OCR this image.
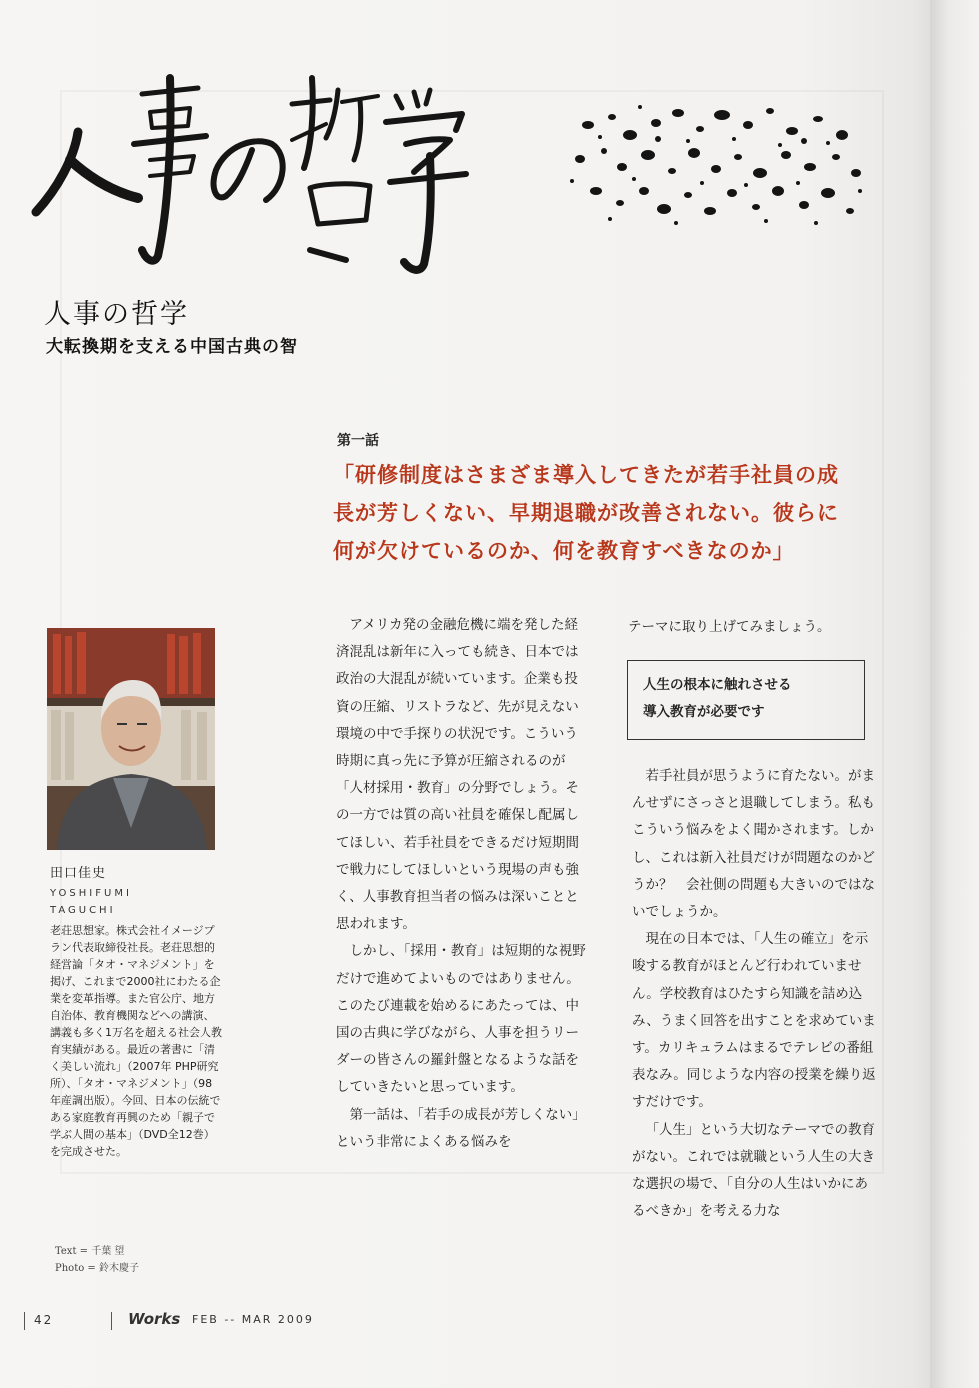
人事の哲学
大転換期を支える中国古典の智
第一話
「研修制度はさまざま導入してきたが若手社員の成
長が芳しくない、早期退職が改善されない。彼らに
何が欠けているのか、何を教育すべきなのか」
田口佳史
YOSHIFUMI
TAGUCHI

老荘思想家。株式会社イメージプラン代表取締役社長。老荘思想的経営論「タオ・マネジメント」を掲げ、これまで2000社にわたる企業を変革指導。また官公庁、地方自治体、教育機関などへの講演、講義も多く1万名を超える社会人教育実績がある。最近の著書に「清く美しい流れ」（2007年 PHP研究所）、「タオ・マネジメント」（98年産調出版）。今回、日本の伝統である家庭教育再興のため「親子で学ぶ人間の基本」（DVD全12巻）を完成させた。

Text = 千葉 望
Photo = 鈴木慶子

アメリカ発の金融危機に端を発した経済混乱は新年に入っても続き、日本では政治の大混乱が続いています。企業も投資の圧縮、リストラなど、先が見えない環境の中で手探りの状況です。こういう時期に真っ先に予算が圧縮されるのが「人材採用・教育」の分野でしょう。その一方では質の高い社員を確保し配属してほしい、若手社員をできるだけ短期間で戦力にしてほしいという現場の声も強く、人事教育担当者の悩みは深いことと思われます。

しかし、「採用・教育」は短期的な視野だけで進めてよいものではありません。このたび連載を始めるにあたっては、中国の古典に学びながら、人事を担うリーダーの皆さんの羅針盤となるような話をしていきたいと思っています。

第一話は、「若手の成長が芳しくない」という非常によくある悩みを

テーマに取り上げてみましょう。

人生の根本に触れさせる
導入教育が必要です

若手社員が思うように育たない。がまんせずにさっさと退職してしまう。私もこういう悩みをよく聞かされます。しかし、これは新入社員だけが問題なのかどうか？　会社側の問題も大きいのではないでしょうか。

現在の日本では、「人生の確立」を示唆する教育がほとんど行われていません。学校教育はひたすら知識を詰め込み、うまく回答を出すことを求めています。カリキュラムはまるでテレビの番組表なみ。同じような内容の授業を繰り返すだけです。

「人生」という大切なテーマでの教育がない。これでは就職という人生の大きな選択の場で、「自分の人生はいかにあるべきか」を考える力な

42	Works FEB -- MAR 2009
